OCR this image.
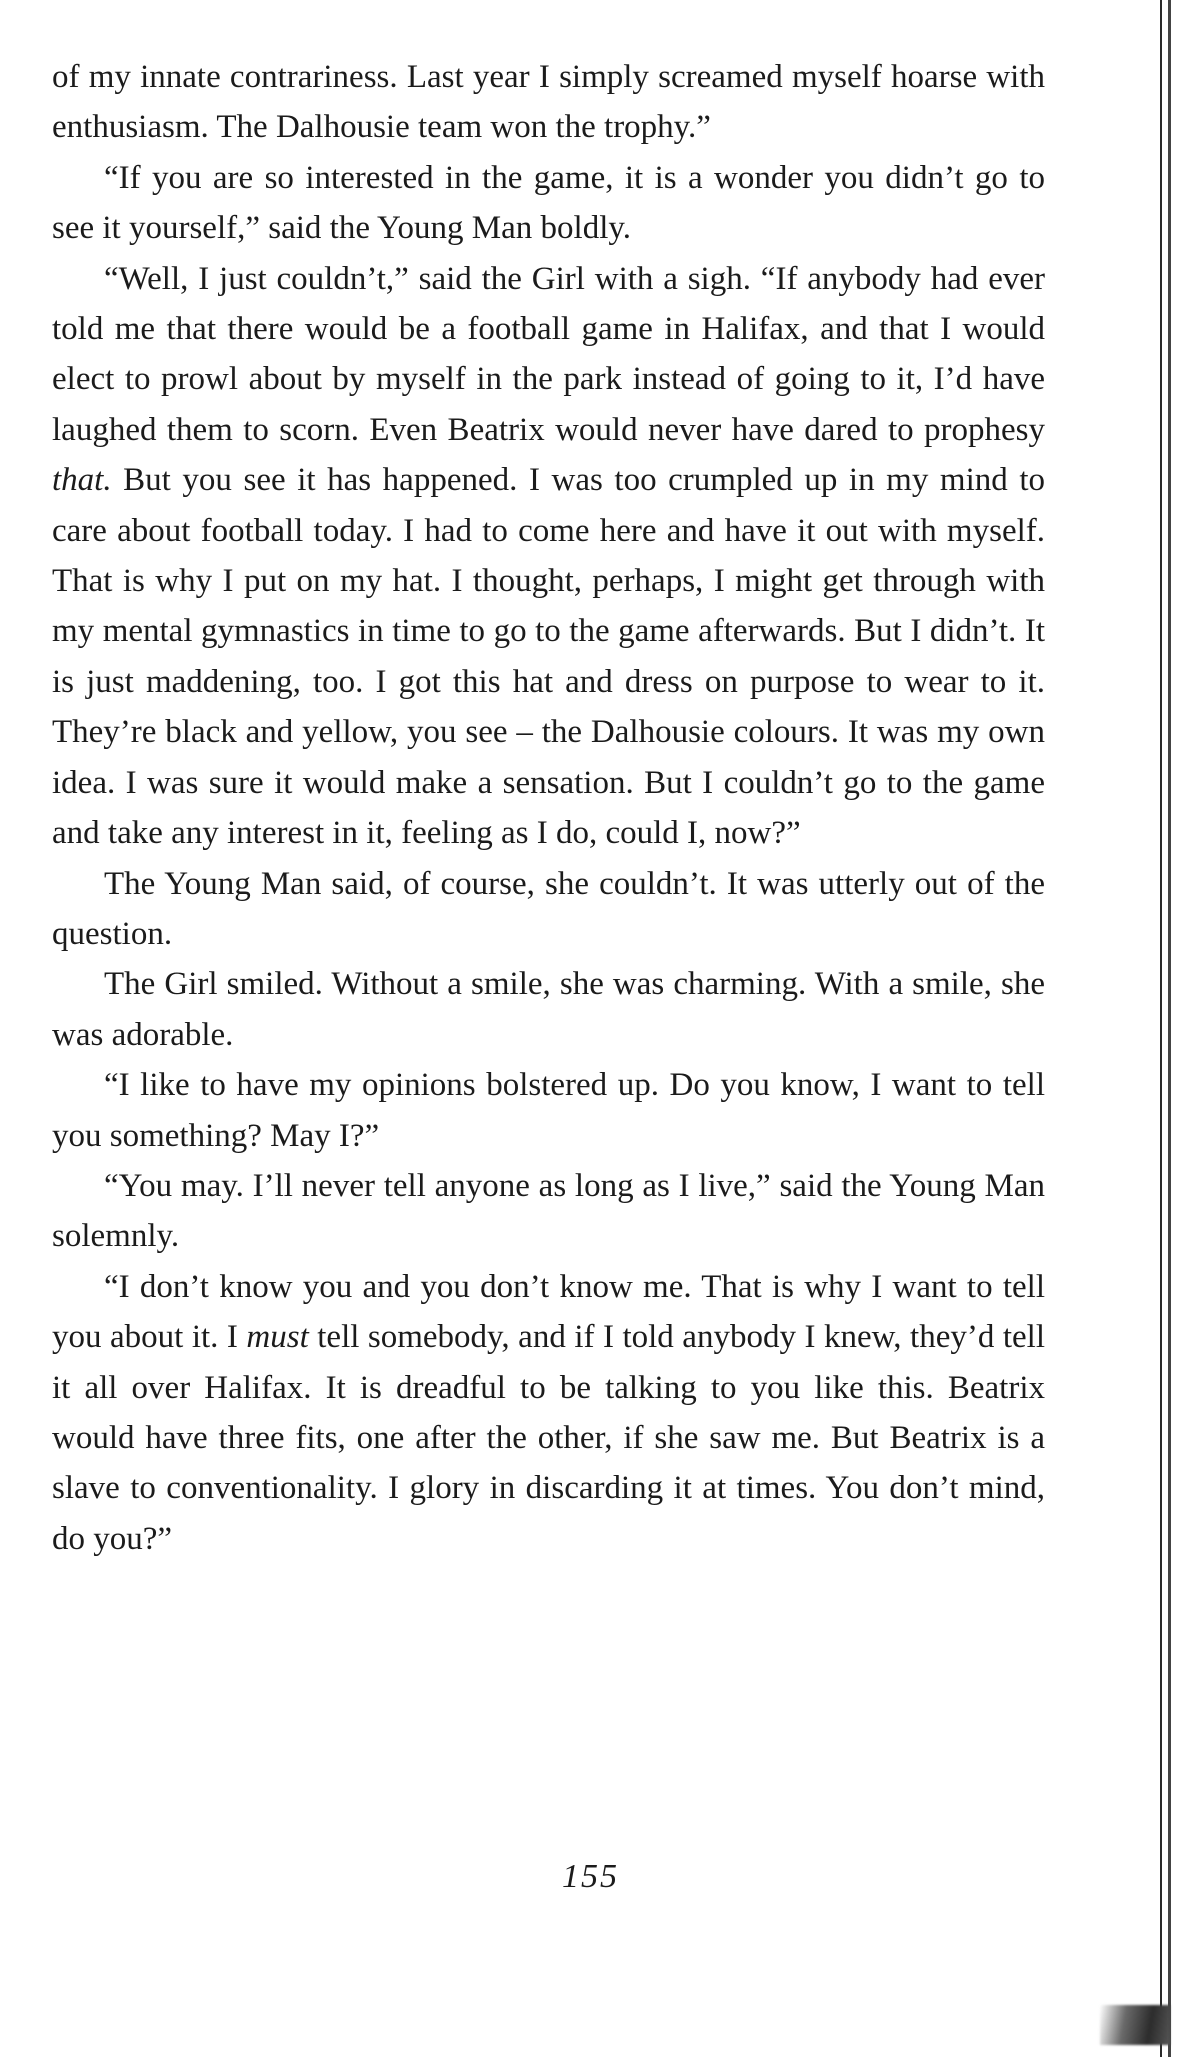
of my innate contrariness. Last year I simply screamed myself hoarse with enthusiasm. The Dalhousie team won the trophy.”

“If you are so interested in the game, it is a wonder you didn’t go to see it yourself,” said the Young Man boldly.

“Well, I just couldn’t,” said the Girl with a sigh. “If anybody had ever told me that there would be a football game in Halifax, and that I would elect to prowl about by myself in the park instead of going to it, I’d have laughed them to scorn. Even Beatrix would never have dared to prophesy that. But you see it has happened. I was too crumpled up in my mind to care about football today. I had to come here and have it out with myself. That is why I put on my hat. I thought, perhaps, I might get through with my mental gymnastics in time to go to the game afterwards. But I didn’t. It is just maddening, too. I got this hat and dress on purpose to wear to it. They’re black and yellow, you see – the Dalhousie colours. It was my own idea. I was sure it would make a sensation. But I couldn’t go to the game and take any interest in it, feeling as I do, could I, now?”

The Young Man said, of course, she couldn’t. It was utterly out of the question.

The Girl smiled. Without a smile, she was charming. With a smile, she was adorable.

“I like to have my opinions bolstered up. Do you know, I want to tell you something? May I?”

“You may. I’ll never tell anyone as long as I live,” said the Young Man solemnly.

“I don’t know you and you don’t know me. That is why I want to tell you about it. I must tell somebody, and if I told anybody I knew, they’d tell it all over Halifax. It is dreadful to be talking to you like this. Beatrix would have three fits, one after the other, if she saw me. But Beatrix is a slave to conventionality. I glory in discarding it at times. You don’t mind, do you?”

155
